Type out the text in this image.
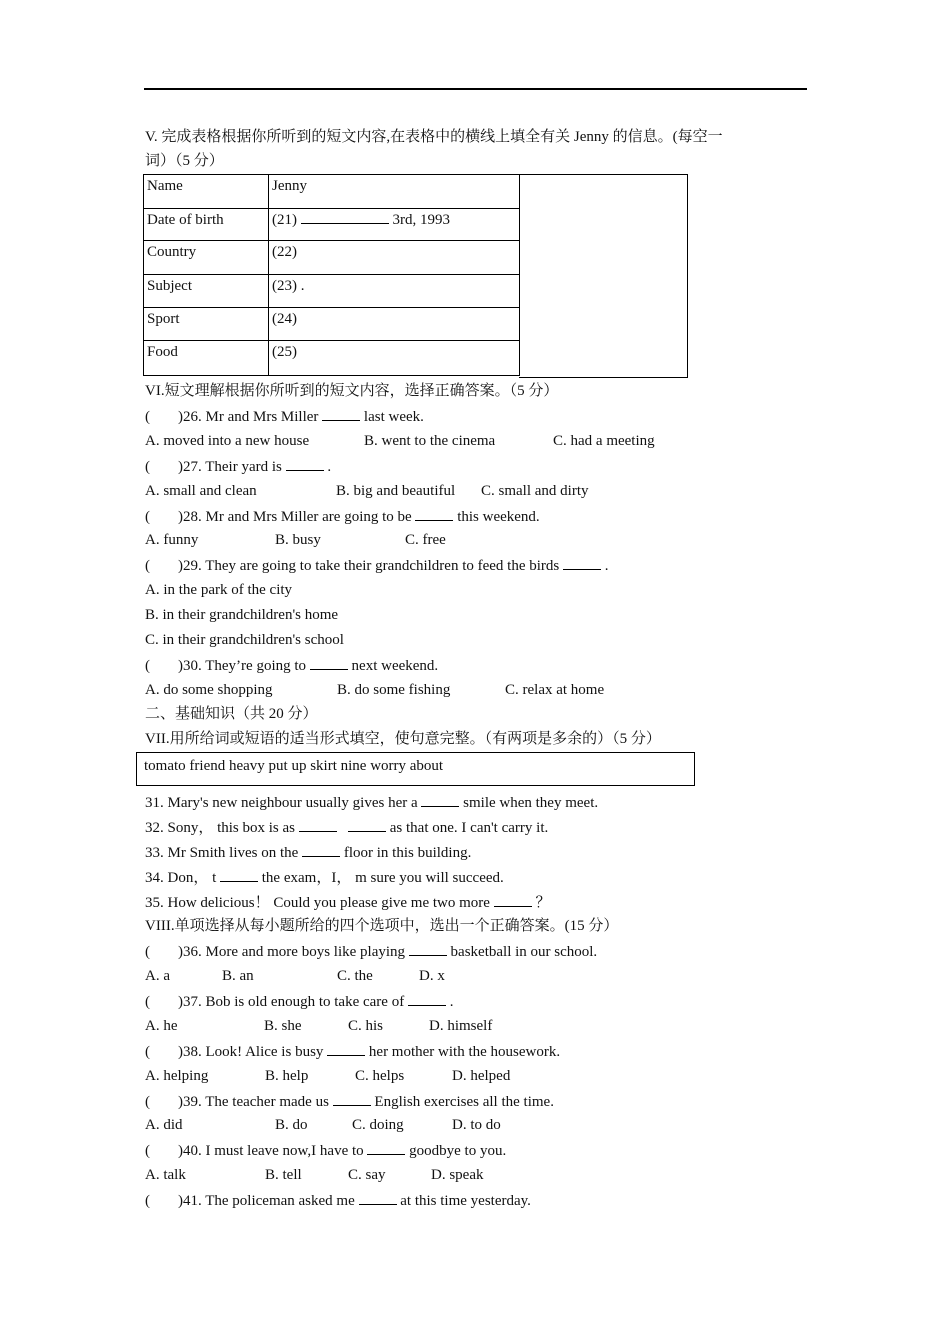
V. 完成表格根据你所听到的短文内容,在表格中的横线上填全有关 Jenny 的信息。(每空一
词）（5 分）
Name	Jenny
Date of birth	(21) 3rd, 1993
Country	(22)
Subject	(23) .
Sport	(24)
Food	(25)
VI.短文理解根据你所听到的短文内容，选择正确答案。（5 分）
( )26. Mr and Mrs Miller	last week.
A. moved into a new house	B. went to the cinema	C. had a meeting
( )27. Their yard is	.
A. small and clean	B. big and beautiful C. small and dirty
( )28. Mr and Mrs Miller are going to be	this weekend.
A. funny	B. busy	C. free
( )29. They are going to take their grandchildren to feed the birds	.
A. in the park of the city
B. in their grandchildren's home
C. in their grandchildren's school
( )30. They’re going to	next weekend.
A. do some shopping	B. do some fishing	C. relax at home
二、基础知识（共 20 分）
VII.用所给词或短语的适当形式填空，使句意完整。（有两项是多余的）（5 分）
tomato friend heavy put up skirt nine worry about
31. Mary's new neighbour usually gives her a	smile when they meet.
32. Sony， this box is as	as that one. I can't carry it.
33. Mr Smith lives on the	floor in this building.
34. Don， t	the exam，I， m sure you will succeed.
35. How delicious！ Could you please give me two more	？
VIII.单项选择从每小题所给的四个选项中，选出一个正确答案。(15 分）
( )36. More and more boys like playing	basketball in our school.
A. a	B. an	C. the	D. x
( )37. Bob is old enough to take care of	.
A. he	B. she	C. his	D. himself
( )38. Look! Alice is busy	her mother with the housework.
A. helping	B. help	C. helps	D. helped
( )39. The teacher made us	English exercises all the time.
A. did	B. do	C. doing	D. to do
( )40. I must leave now,I have to	goodbye to you.
A. talk	B. tell	C. say	D. speak
( )41. The policeman asked me	at this time yesterday.
